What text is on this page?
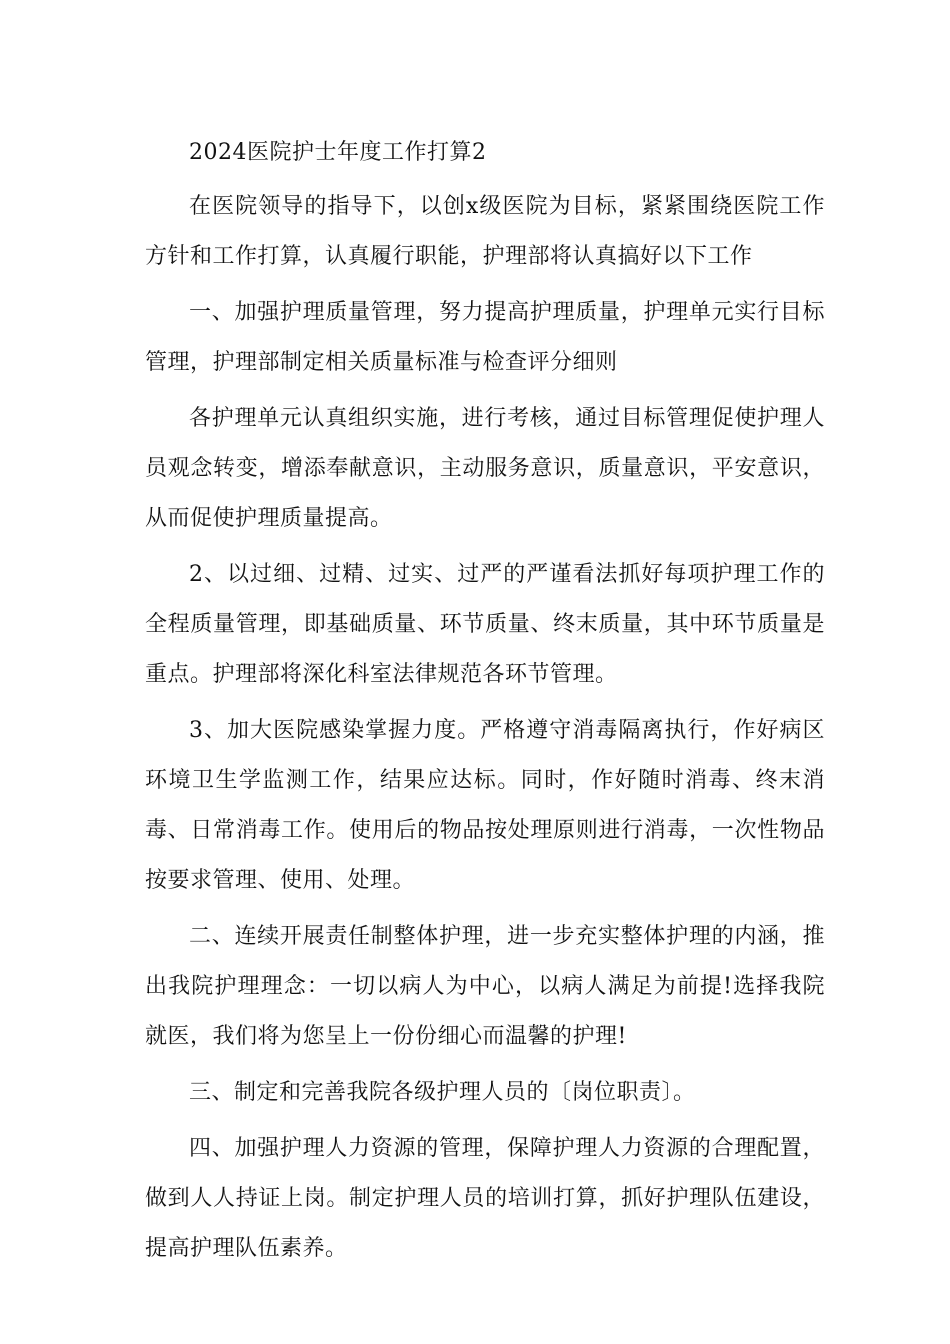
2024医院护士年度工作打算2

在医院领导的指导下，以创x级医院为目标，紧紧围绕医院工作方针和工作打算，认真履行职能，护理部将认真搞好以下工作

一、加强护理质量管理，努力提高护理质量，护理单元实行目标管理，护理部制定相关质量标准与检查评分细则

各护理单元认真组织实施，进行考核，通过目标管理促使护理人员观念转变，增添奉献意识，主动服务意识，质量意识，平安意识，从而促使护理质量提高。

2、以过细、过精、过实、过严的严谨看法抓好每项护理工作的全程质量管理，即基础质量、环节质量、终末质量，其中环节质量是重点。护理部将深化科室法律规范各环节管理。

3、加大医院感染掌握力度。严格遵守消毒隔离执行，作好病区环境卫生学监测工作，结果应达标。同时，作好随时消毒、终末消毒、日常消毒工作。使用后的物品按处理原则进行消毒，一次性物品按要求管理、使用、处理。

二、连续开展责任制整体护理，进一步充实整体护理的内涵，推出我院护理理念：一切以病人为中心，以病人满足为前提!选择我院就医，我们将为您呈上一份份细心而温馨的护理!

三、制定和完善我院各级护理人员的〔岗位职责〕。

四、加强护理人力资源的管理，保障护理人力资源的合理配置，做到人人持证上岗。制定护理人员的培训打算，抓好护理队伍建设，提高护理队伍素养。
